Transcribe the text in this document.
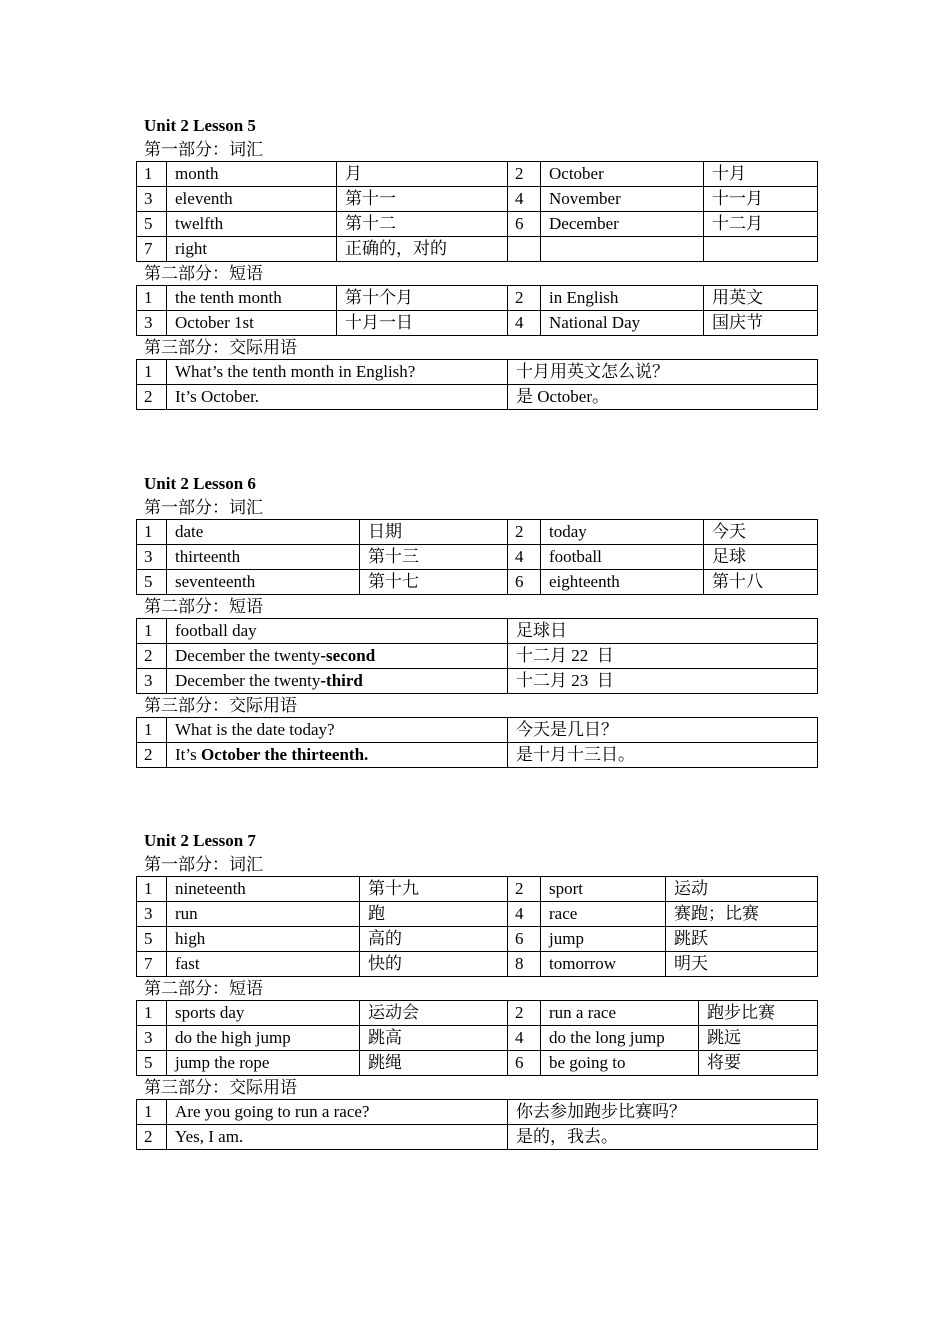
Unit 2 Lesson 5
第一部分：词汇
1	month	月	2	October	十月
3	eleventh	第十一	4	November	十一月
5	twelfth	第十二	6	December	十二月
7	right	正确的，对的			
第二部分：短语
1	the tenth month	第十个月	2	in English	用英文
3	October 1st	十月一日	4	National Day	国庆节
第三部分：交际用语
1	What’s the tenth month in English?	十月用英文怎么说？
2	It’s October.	是 October。
Unit 2 Lesson 6
第一部分：词汇
1	date	日期	2	today	今天
3	thirteenth	第十三	4	football	足球
5	seventeenth	第十七	6	eighteenth	第十八
第二部分：短语
1	football day	足球日
2	December the twenty-second	十二月 22  日
3	December the twenty-third	十二月 23  日
第三部分：交际用语
1	What is the date today?	今天是几日？
2	It’s October the thirteenth.	是十月十三日。
Unit 2 Lesson 7
第一部分：词汇
1	nineteenth	第十九	2	sport	运动
3	run	跑	4	race	赛跑；比赛
5	high	高的	6	jump	跳跃
7	fast	快的	8	tomorrow	明天
第二部分：短语
1	sports day	运动会	2	run a race	跑步比赛
3	do the high jump	跳高	4	do the long jump	跳远
5	jump the rope	跳绳	6	be going to	将要
第三部分：交际用语
1	Are you going to run a race?	你去参加跑步比赛吗？
2	Yes, I am.	是的，我去。
